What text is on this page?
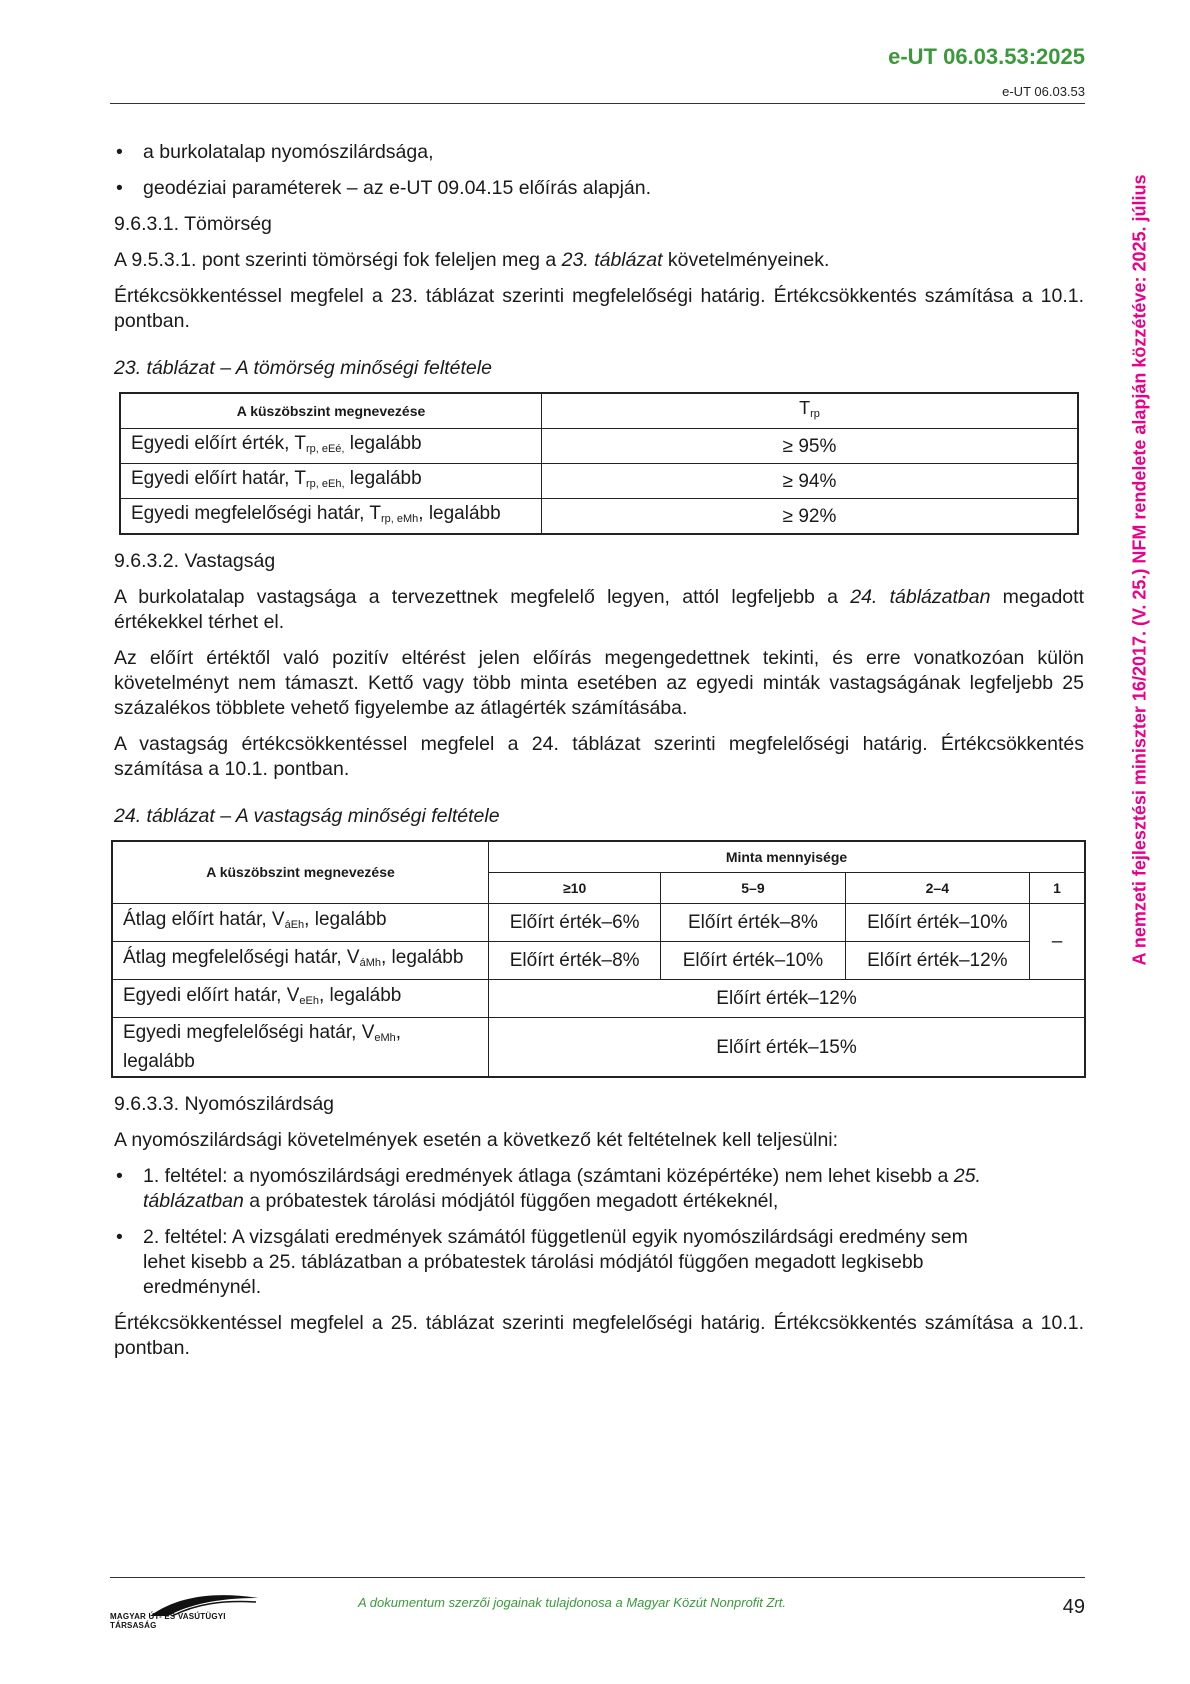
e-UT 06.03.53:2025
e-UT 06.03.53
• a burkolatalap nyomószilárdsága,
• geodéziai paraméterek – az e-UT 09.04.15 előírás alapján.
9.6.3.1. Tömörség

A 9.5.3.1. pont szerinti tömörségi fok feleljen meg a 23. táblázat követelményeinek.

Értékcsökkentéssel megfelel a 23. táblázat szerinti megfelelőségi határig. Értékcsökkentés számítása a 10.1. pontban.

23. táblázat – A tömörség minőségi feltétele
A küszöbszint megnevezése	$T_{rp}$
Egyedi előírt érték, $T_{rp, eEé,}$ legalább	≥ 95%
Egyedi előírt határ, $T_{rp, eEh,}$ legalább	≥ 94%
Egyedi megfelelőségi határ, $T_{rp, eMh}$, legalább	≥ 92%
9.6.3.2. Vastagság

A burkolatalap vastagsága a tervezettnek megfelelő legyen, attól legfeljebb a 24. táblázatban megadott értékekkel térhet el.

Az előírt értéktől való pozitív eltérést jelen előírás megengedettnek tekinti, és erre vonatkozóan külön követelményt nem támaszt. Kettő vagy több minta esetében az egyedi minták vastagságának legfeljebb 25 százalékos többlete vehető figyelembe az átlagérték számításába.

A vastagság értékcsökkentéssel megfelel a 24. táblázat szerinti megfelelőségi határig. Értékcsökkentés számítása a 10.1. pontban.

24. táblázat – A vastagság minőségi feltétele
A küszöbszint megnevezése	Minta mennyisége			
	≥10	5–9	2–4	1
Átlag előírt határ, $V_{áEh}$, legalább	Előírt érték–6%	Előírt érték–8%	Előírt érték–10%	–
Átlag megfelelőségi határ, $V_{áMh}$, legalább	Előírt érték–8%	Előírt érték–10%	Előírt érték–12%	
Egyedi előírt határ, $V_{eEh}$, legalább	Előírt érték–12%			
Egyedi megfelelőségi határ, $V_{eMh}$, legalább	Előírt érték–15%			
9.6.3.3. Nyomószilárdság

A nyomószilárdsági követelmények esetén a következő két feltételnek kell teljesülni:

• 1. feltétel: a nyomószilárdsági eredmények átlaga (számtani középértéke) nem lehet kisebb a 25. táblázatban a próbatestek tárolási módjától függően megadott értékeknél,
• 2. feltétel: A vizsgálati eredmények számától függetlenül egyik nyomószilárdsági eredmény sem lehet kisebb a 25. táblázatban a próbatestek tárolási módjától függően megadott legkisebb eredménynél.

Értékcsökkentéssel megfelel a 25. táblázat szerinti megfelelőségi határig. Értékcsökkentés számítása a 10.1. pontban.

A nemzeti fejlesztési miniszter 16/2017. (V. 25.) NFM rendelete alapján közzétéve: 2025. július
MAGYAR ÚT- ÉS VASÚTÜGYI TÁRSASÁG
A dokumentum szerzői jogainak tulajdonosa a Magyar Közút Nonprofit Zrt.	49
